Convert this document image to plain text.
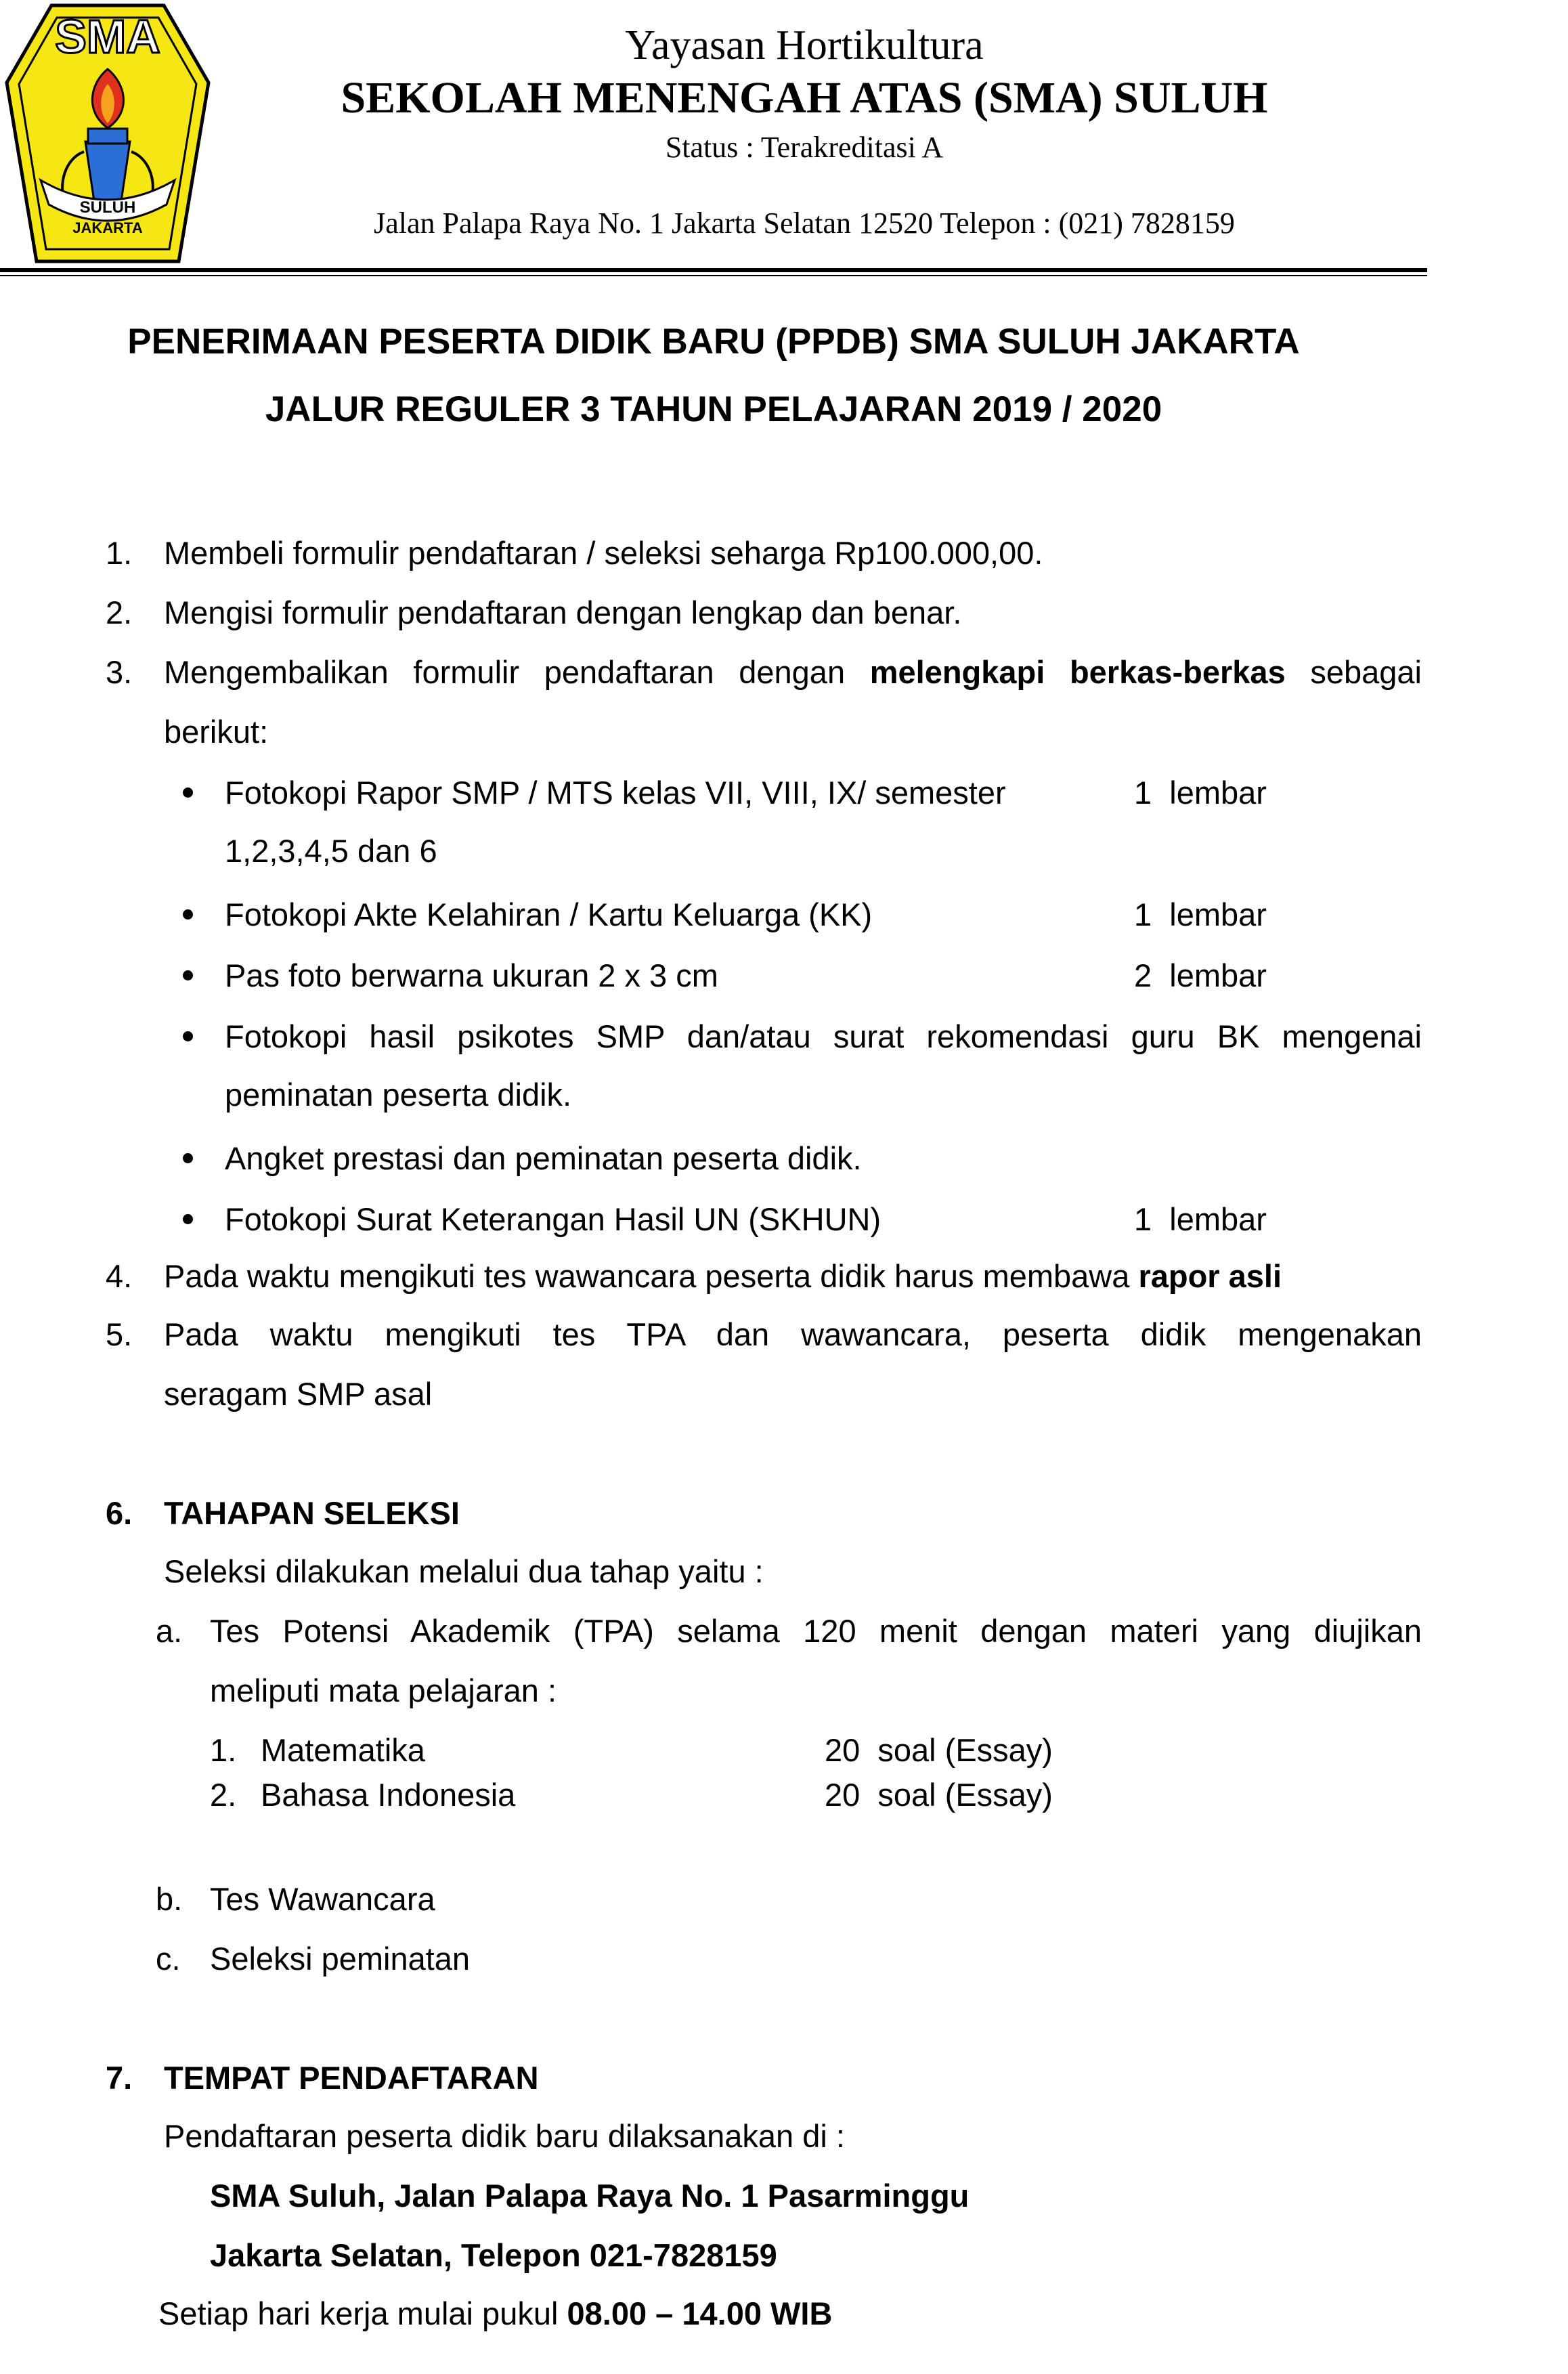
SMA
SULUH
JAKARTA
Yayasan Hortikultura
SEKOLAH MENENGAH ATAS (SMA) SULUH
Status : Terakreditasi A
Jalan Palapa Raya No. 1 Jakarta Selatan 12520 Telepon : (021) 7828159
PENERIMAAN PESERTA DIDIK BARU (PPDB) SMA SULUH JAKARTA
JALUR REGULER 3 TAHUN PELAJARAN 2019 / 2020
1. Membeli formulir pendaftaran / seleksi seharga Rp100.000,00.
2. Mengisi formulir pendaftaran dengan lengkap dan benar.
3. Mengembalikan formulir pendaftaran dengan melengkapi berkas-berkas sebagai
berikut:
Fotokopi Rapor SMP / MTS kelas VII, VIII, IX/ semester	1  lembar
1,2,3,4,5 dan 6
Fotokopi Akte Kelahiran / Kartu Keluarga (KK)	1  lembar
Pas foto berwarna ukuran 2 x 3 cm	2  lembar
Fotokopi hasil psikotes SMP dan/atau surat rekomendasi guru BK mengenai
peminatan peserta didik.
Angket prestasi dan peminatan peserta didik.
Fotokopi Surat Keterangan Hasil UN (SKHUN)	1  lembar
4. Pada waktu mengikuti tes wawancara peserta didik harus membawa rapor asli
5. Pada waktu mengikuti tes TPA dan wawancara, peserta didik mengenakan
seragam SMP asal
6. TAHAPAN SELEKSI
Seleksi dilakukan melalui dua tahap yaitu :
a. Tes Potensi Akademik (TPA) selama 120 menit dengan materi yang diujikan
meliputi mata pelajaran :
1. Matematika	20  soal (Essay)
2. Bahasa Indonesia	20  soal (Essay)
b. Tes Wawancara
c. Seleksi peminatan
7. TEMPAT PENDAFTARAN
Pendaftaran peserta didik baru dilaksanakan di :
SMA Suluh, Jalan Palapa Raya No. 1 Pasarminggu
Jakarta Selatan, Telepon 021-7828159
Setiap hari kerja mulai pukul 08.00 – 14.00 WIB
